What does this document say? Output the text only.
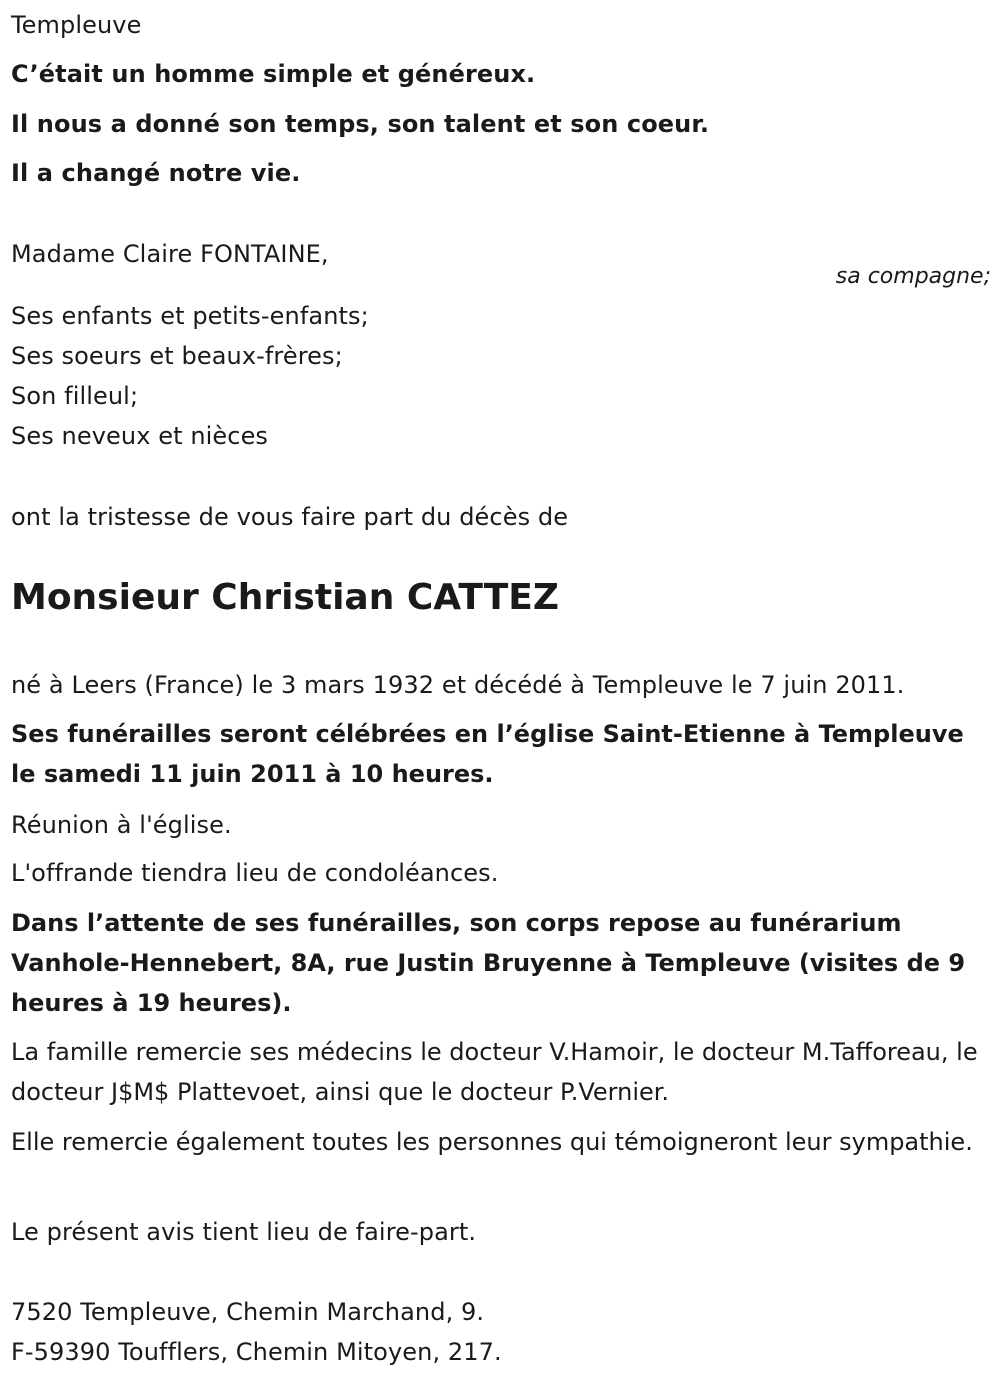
Templeuve
C’était un homme simple et généreux.
Il nous a donné son temps, son talent et son coeur.
Il a changé notre vie.
Madame Claire FONTAINE,
sa compagne;
Ses enfants et petits-enfants;
Ses soeurs et beaux-frères;
Son filleul;
Ses neveux et nièces
ont la tristesse de vous faire part du décès de
Monsieur Christian CATTEZ
né à Leers (France) le 3 mars 1932 et décédé à Templeuve le 7 juin 2011.
Ses funérailles seront célébrées en l’église Saint-Etienne à Templeuve le samedi 11 juin 2011 à 10 heures.
Réunion à l'église.
L'offrande tiendra lieu de condoléances.
Dans l’attente de ses funérailles, son corps repose au funérarium Vanhole-Hennebert, 8A, rue Justin Bruyenne à Templeuve (visites de 9 heures à 19 heures).
La famille remercie ses médecins le docteur V.Hamoir, le docteur M.Tafforeau, le docteur J$M$ Plattevoet, ainsi que le docteur P.Vernier.
Elle remercie également toutes les personnes qui témoigneront leur sympathie.
Le présent avis tient lieu de faire-part.
7520 Templeuve, Chemin Marchand, 9.
F-59390 Toufflers, Chemin Mitoyen, 217.
